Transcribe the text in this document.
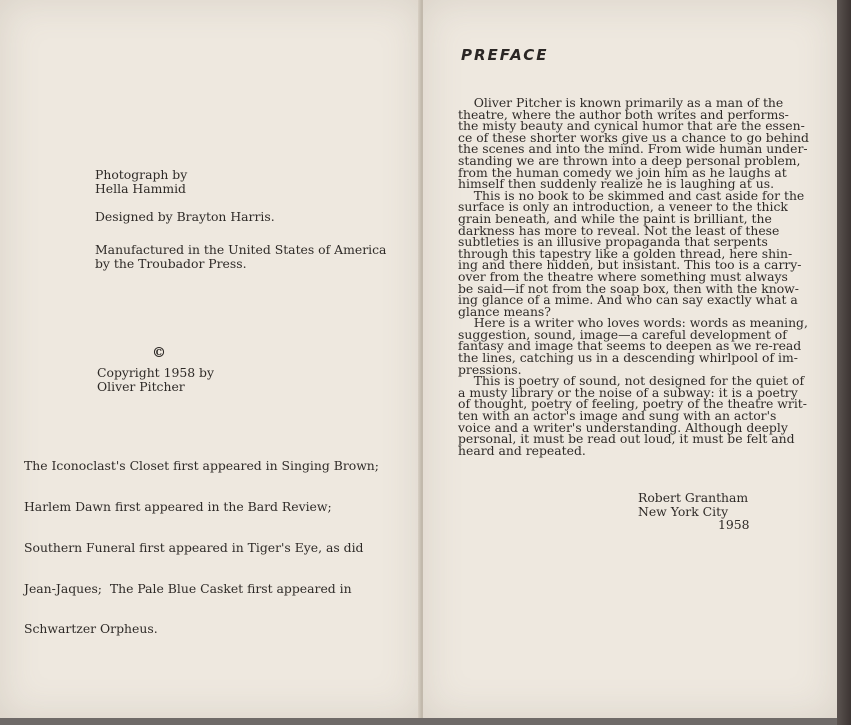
Photograph by
Hella Hammid
Designed by Brayton Harris.
Manufactured in the United States of America
by the Troubador Press.
©
Copyright 1958 by
Oliver Pitcher

The Iconoclast's Closet first appeared in Singing Brown;

Harlem Dawn first appeared in the Bard Review;

Southern Funeral first appeared in Tiger's Eye, as did

Jean-Jaques;  The Pale Blue Casket first appeared in

Schwartzer Orpheus.

PREFACE
Oliver Pitcher is known primarily as a man of the
theatre, where the author both writes and performs-
the misty beauty and cynical humor that are the essen-
ce of these shorter works give us a chance to go behind
the scenes and into the mind. From wide human under-
standing we are thrown into a deep personal problem,
from the human comedy we join him as he laughs at
himself then suddenly realize he is laughing at us.
This is no book to be skimmed and cast aside for the
surface is only an introduction, a veneer to the thick
grain beneath, and while the paint is brilliant, the
darkness has more to reveal. Not the least of these
subtleties is an illusive propaganda that serpents
through this tapestry like a golden thread, here shin-
ing and there hidden, but insistant. This too is a carry-
over from the theatre where something must always
be said—if not from the soap box, then with the know-
ing glance of a mime. And who can say exactly what a
glance means?
Here is a writer who loves words: words as meaning,
suggestion, sound, image—a careful development of
fantasy and image that seems to deepen as we re-read
the lines, catching us in a descending whirlpool of im-
pressions.
This is poetry of sound, not designed for the quiet of
a musty library or the noise of a subway: it is a poetry
of thought, poetry of feeling, poetry of the theatre writ-
ten with an actor's image and sung with an actor's
voice and a writer's understanding. Although deeply
personal, it must be read out loud, it must be felt and
heard and repeated.
Robert Grantham
New York City
1958
